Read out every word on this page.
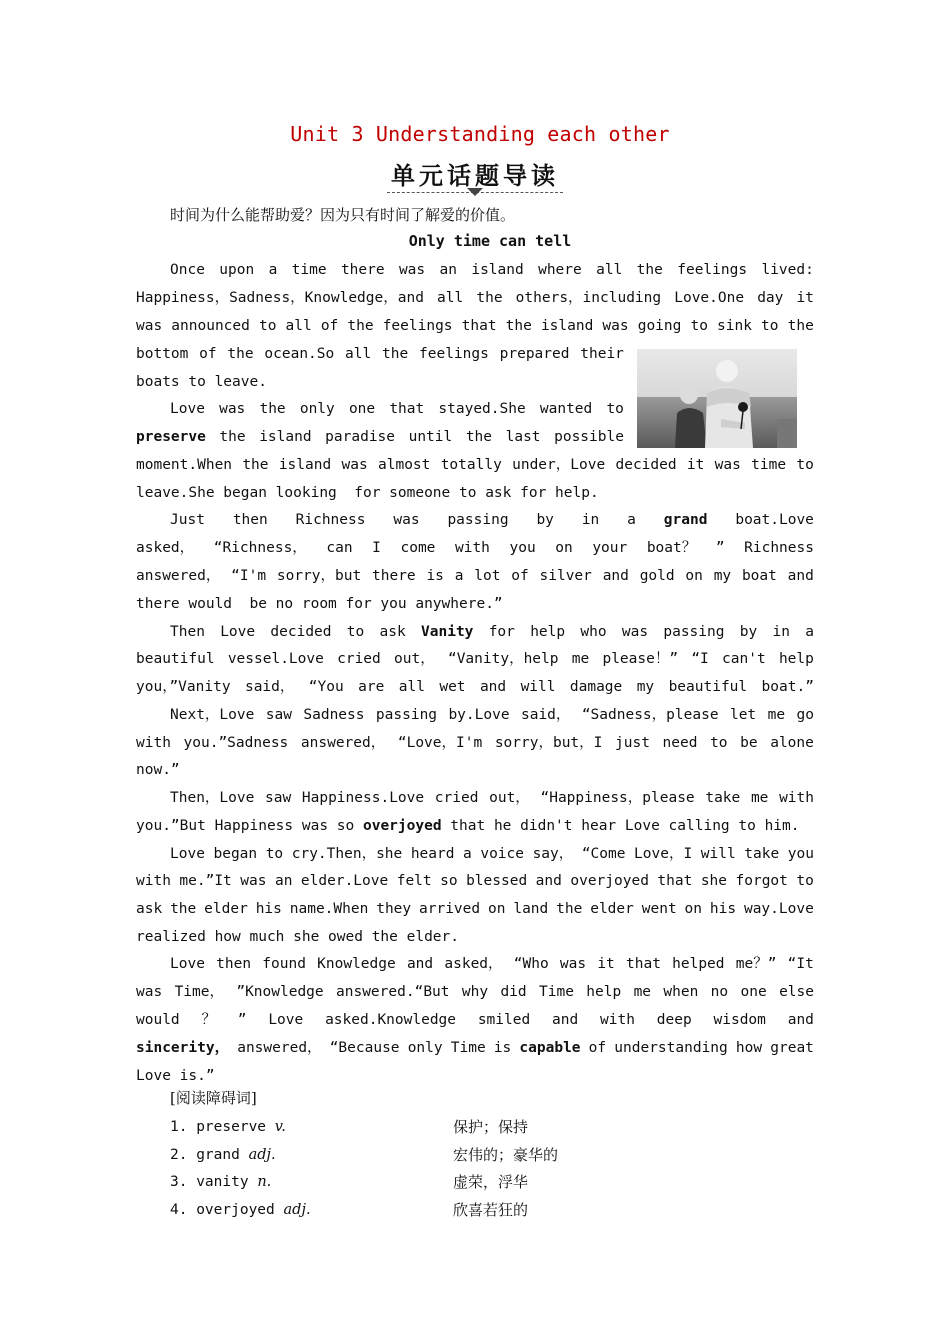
Unit 3 Understanding each other
单元话题导读
时间为什么能帮助爱？因为只有时间了解爱的价值。
Only time can tell
Once upon a time there was an island where all the feelings lived:
Happiness，Sadness，Knowledge，and all the others，including Love.One day it
was announced to all of the feelings that the island was going to sink to the
bottom of the ocean.So all the feelings prepared their
boats to leave.
Love was the only one that stayed.She wanted to
preserve the island paradise until the last possible
moment.When the island was almost totally under，Love decided it was time to
leave.She began looking  for someone to ask for help.
Just then Richness was passing by in a grand boat.Love
asked， “Richness， can I come with you on your boat？ ” Richness
answered， “I'm sorry，but there is a lot of silver and gold on my boat and
there would  be no room for you anywhere.”
Then Love decided to ask Vanity for help who was passing by in a
beautiful vessel.Love cried out， “Vanity，help me please！” “I can't help
you，”Vanity said， “You are all wet and will damage my beautiful boat.”
Next，Love saw Sadness passing by.Love said， “Sadness，please let me go
with you.”Sadness answered， “Love，I'm sorry，but，I just need to be alone
now.”
Then，Love saw Happiness.Love cried out， “Happiness，please take me with
you.”But Happiness was so overjoyed that he didn't hear Love calling to him.
Love began to cry.Then，she heard a voice say， “Come Love，I will take you
with me.”It was an elder.Love felt so blessed and overjoyed that she forgot to
ask the elder his name.When they arrived on land the elder went on his way.Love
realized how much she owed the elder.
Love then found Knowledge and asked， “Who was it that helped me？” “It
was Time， ”Knowledge answered.“But why did Time help me when no one else
would ？ ” Love asked.Knowledge smiled and with deep wisdom and
sincerity， answered， “Because only Time is capable of understanding how great
Love is.”
[阅读障碍词]
1. preserve v.	保护；保持
2. grand adj.	宏伟的；豪华的
3. vanity n.	虚荣，浮华
4. overjoyed adj.	欣喜若狂的
